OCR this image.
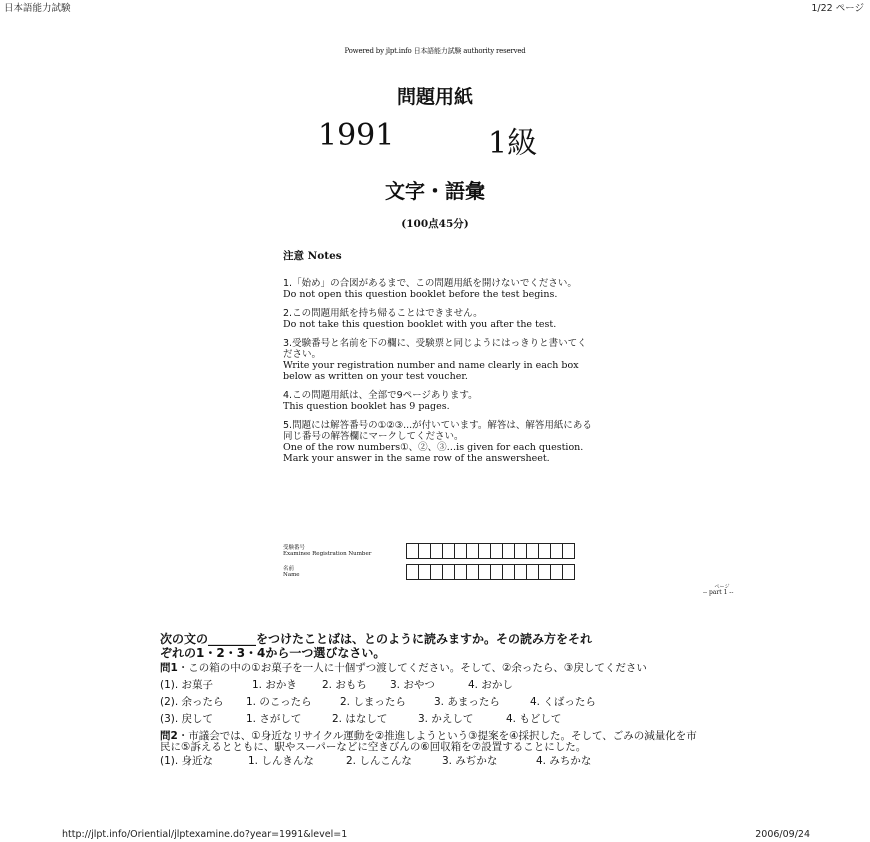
日本語能力試験	1/22 ページ
http://jlpt.info/Oriential/jlptexamine.do?year=1991&level=1	2006/09/24
Powered by jlpt.info 日本語能力試験 authority reserved
問題用紙
1991	1級
文字・語彙
(100点45分)
注意 Notes
1.「始め」の合図があるまで、この問題用紙を開けないでください。
Do not open this question booklet before the test begins.
2.この問題用紙を持ち帰ることはできません。
Do not take this question booklet with you after the test.
3.受験番号と名前を下の欄に、受験票と同じようにはっきりと書いてください。
Write your registration number and name clearly in each box below as written on your test voucher.
4.この問題用紙は、全部で9ページあります。
This question booklet has 9 pages.
5.問題には解答番号の①②③...が付いています。解答は、解答用紙にある同じ番号の解答欄にマークしてください。
One of the row numbers①、②、③…is given for each question. Mark your answer in the same row of the answersheet.
受験番号
Examinee Registration Number
名前
Name
ページ
-- part 1 --
次の文の________をつけたことばは、とのように読みますか。その読み方をそれ
ぞれの1・2・3・4から一つ選びなさい。
問1・この箱の中の①お菓子を一人に十個ずつ渡してください。そして、②余ったら、③戻してください
(1). お菓子	1. おかき	2. おもち	3. おやつ	4. おかし
(2). 余ったら	1. のこったら	2. しまったら	3. あまったら	4. くばったら
(3). 戻して	1. さがして	2. はなして	3. かえして	4. もどして
問2・市議会では、①身近なリサイクル運動を②推進しようという③提案を④採択した。そして、ごみの減量化を市民に⑤訴えるとともに、駅やスーパーなどに空きびんの⑥回収箱を⑦設置することにした。
(1). 身近な	1. しんきんな	2. しんこんな	3. みぢかな	4. みちかな
